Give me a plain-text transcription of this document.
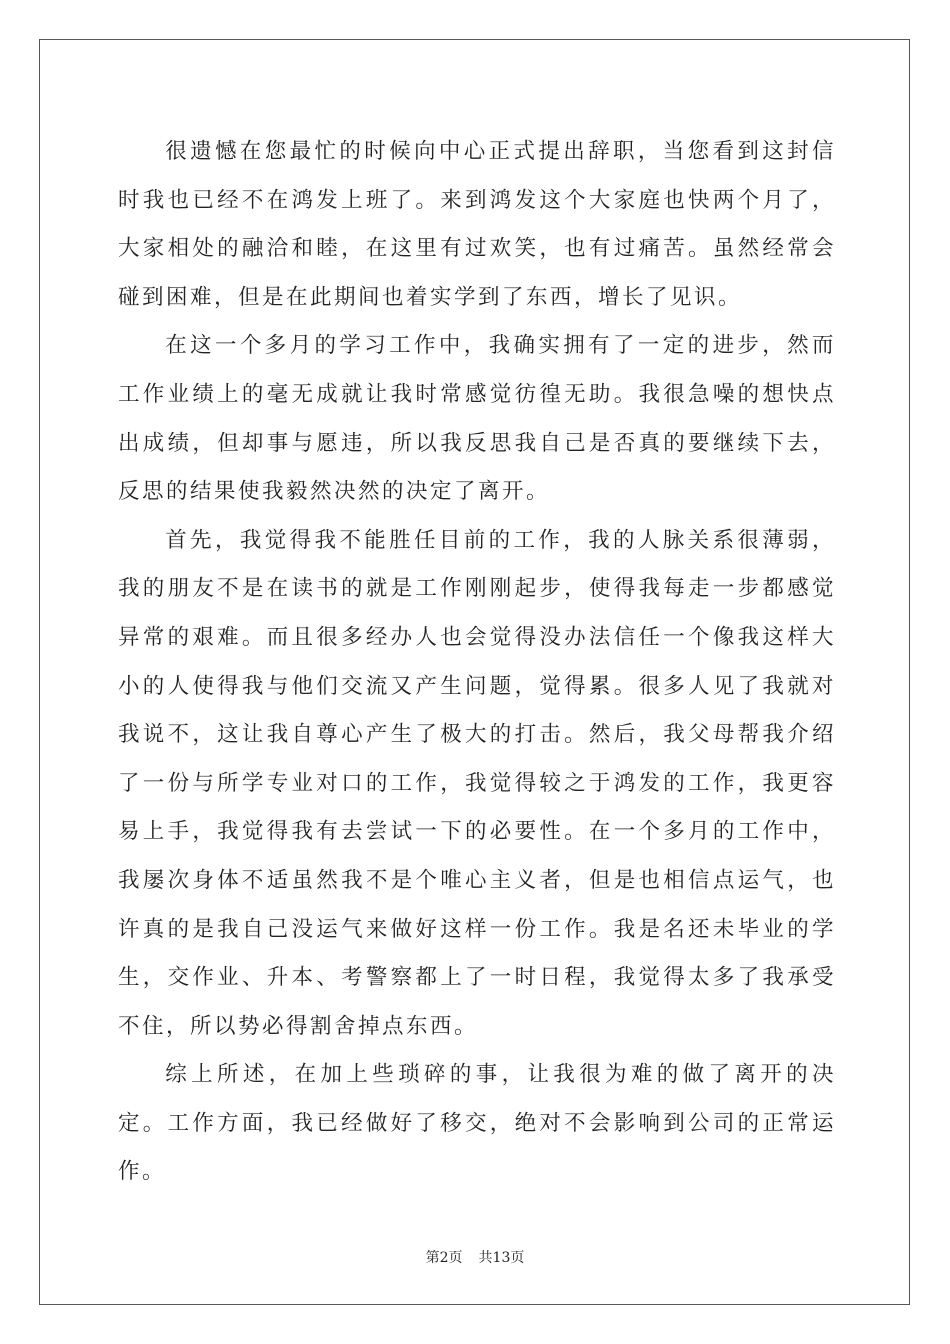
很遗憾在您最忙的时候向中心正式提出辞职，当您看到这封信时我也已经不在鸿发上班了。来到鸿发这个大家庭也快两个月了，大家相处的融洽和睦，在这里有过欢笑，也有过痛苦。虽然经常会碰到困难，但是在此期间也着实学到了东西，增长了见识。

在这一个多月的学习工作中，我确实拥有了一定的进步，然而工作业绩上的毫无成就让我时常感觉彷徨无助。我很急噪的想快点出成绩，但却事与愿违，所以我反思我自己是否真的要继续下去，反思的结果使我毅然决然的决定了离开。

首先，我觉得我不能胜任目前的工作，我的人脉关系很薄弱，我的朋友不是在读书的就是工作刚刚起步，使得我每走一步都感觉异常的艰难。而且很多经办人也会觉得没办法信任一个像我这样大小的人使得我与他们交流又产生问题，觉得累。很多人见了我就对我说不，这让我自尊心产生了极大的打击。然后，我父母帮我介绍了一份与所学专业对口的工作，我觉得较之于鸿发的工作，我更容易上手，我觉得我有去尝试一下的必要性。在一个多月的工作中，我屡次身体不适虽然我不是个唯心主义者，但是也相信点运气，也许真的是我自己没运气来做好这样一份工作。我是名还未毕业的学生，交作业、升本、考警察都上了一时日程，我觉得太多了我承受不住，所以势必得割舍掉点东西。

综上所述，在加上些琐碎的事，让我很为难的做了离开的决定。工作方面，我已经做好了移交，绝对不会影响到公司的正常运作。

第2页 共13页
